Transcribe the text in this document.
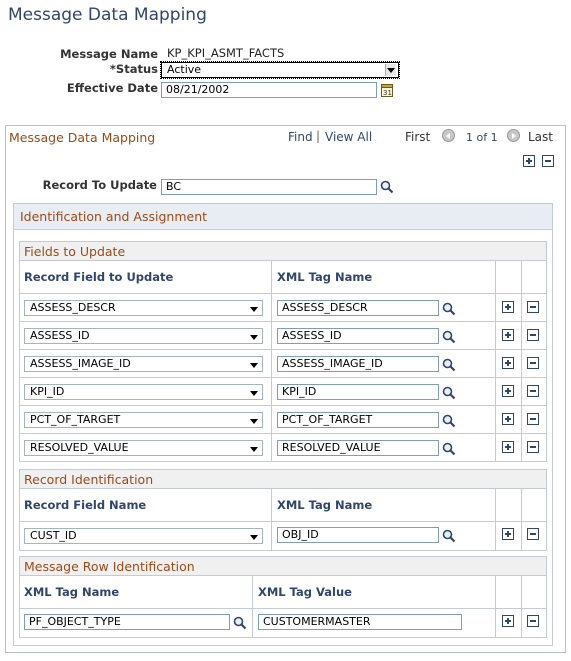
Message Data Mapping
Message Name KP_KPI_ASMT_FACTS
*Status Active
Effective Date 08/21/2002	31
Message Data Mapping	Find | View All	First	1 of 1	Last
Record To Update BC
Identification and Assignment
Fields to Update
Record Field to Update	XML Tag Name
ASSESS_DESCR	ASSESS_DESCR
ASSESS_ID	ASSESS_ID
ASSESS_IMAGE_ID	ASSESS_IMAGE_ID
KPI_ID	KPI_ID
PCT_OF_TARGET	PCT_OF_TARGET
RESOLVED_VALUE	RESOLVED_VALUE
Record Identification
Record Field Name	XML Tag Name
CUST_ID	OBJ_ID
Message Row Identification
XML Tag Name	XML Tag Value
PF_OBJECT_TYPE	CUSTOMERMASTER
